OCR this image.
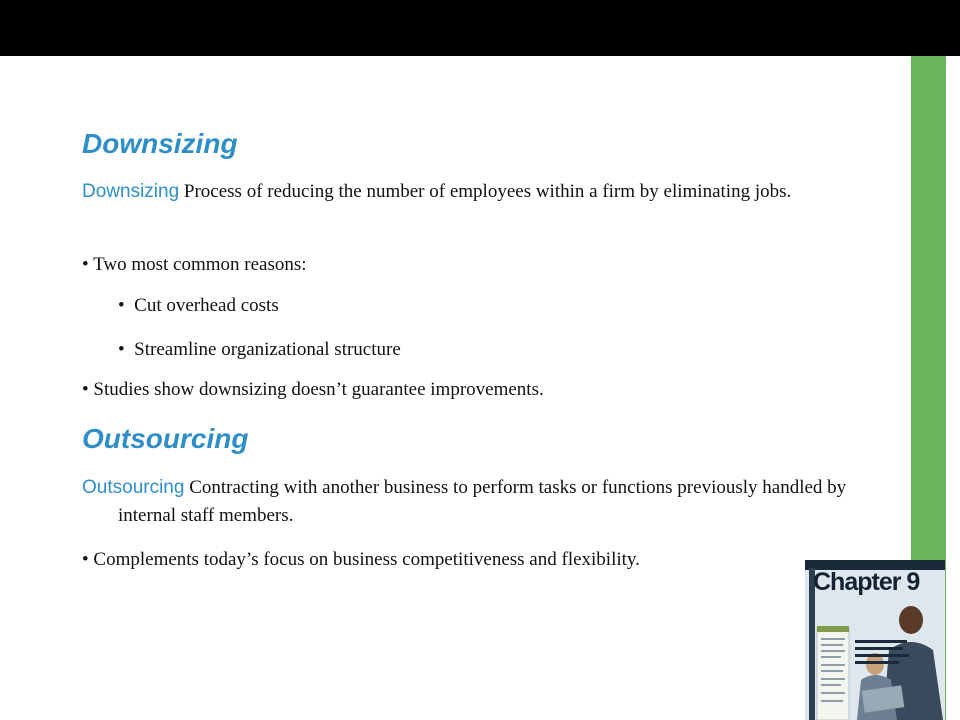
Downsizing
Downsizing Process of reducing the number of employees within a firm by eliminating jobs.
• Two most common reasons:
•  Cut overhead costs
•  Streamline organizational structure
• Studies show downsizing doesn’t guarantee improvements.
Outsourcing
Outsourcing Contracting with another business to perform tasks or functions previously handled by internal staff members.
• Complements today’s focus on business competitiveness and flexibility.
Chapter 9
